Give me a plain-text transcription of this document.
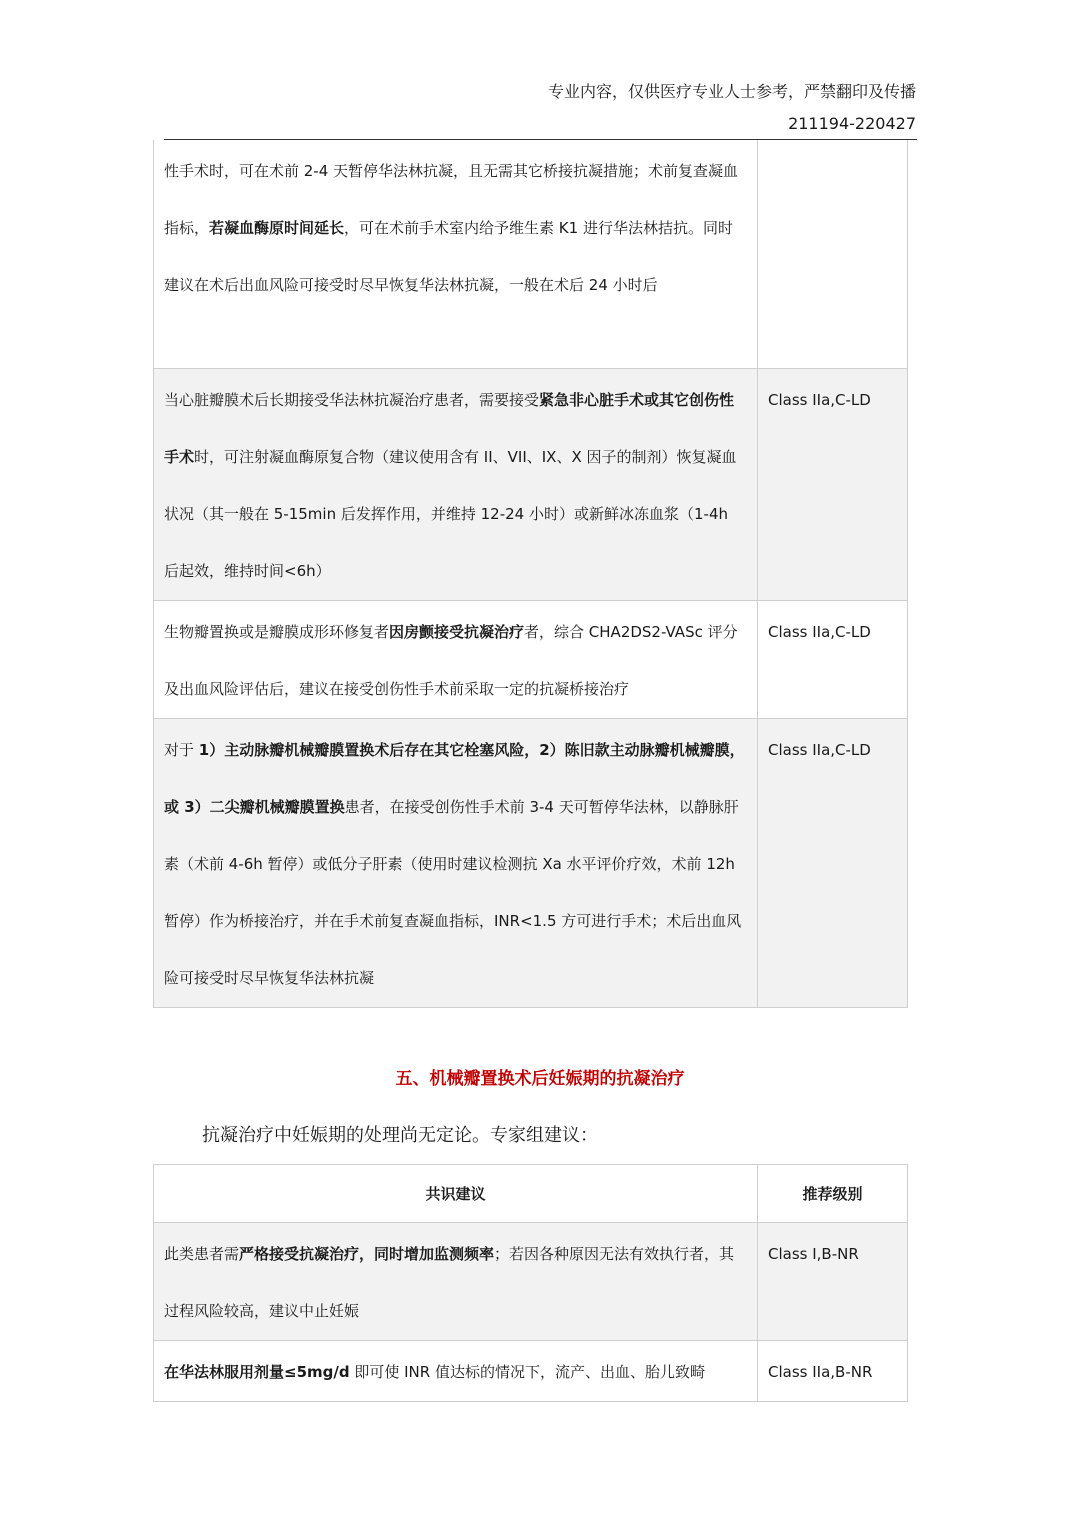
专业内容，仅供医疗专业人士参考，严禁翻印及传播
211194-220427
性手术时，可在术前 2-4 天暂停华法林抗凝，且无需其它桥接抗凝措施；术前复查凝血指标，若凝血酶原时间延长，可在术前手术室内给予维生素 K1 进行华法林拮抗。同时建议在术后出血风险可接受时尽早恢复华法林抗凝，一般在术后 24 小时后	

当心脏瓣膜术后长期接受华法林抗凝治疗患者，需要接受紧急非心脏手术或其它创伤性手术时，可注射凝血酶原复合物（建议使用含有 II、VII、IX、X 因子的制剂）恢复凝血状况（其一般在 5-15min 后发挥作用，并维持 12-24 小时）或新鲜冰冻血浆（1-4h 后起效，维持时间<6h）	Class IIa,C-LD

生物瓣置换或是瓣膜成形环修复者因房颤接受抗凝治疗者，综合 CHA2DS2-VASc 评分及出血风险评估后，建议在接受创伤性手术前采取一定的抗凝桥接治疗	Class IIa,C-LD

对于 1）主动脉瓣机械瓣膜置换术后存在其它栓塞风险，2）陈旧款主动脉瓣机械瓣膜，或 3）二尖瓣机械瓣膜置换患者，在接受创伤性手术前 3-4 天可暂停华法林，以静脉肝素（术前 4-6h 暂停）或低分子肝素（使用时建议检测抗 Xa 水平评价疗效，术前 12h 暂停）作为桥接治疗，并在手术前复查凝血指标，INR<1.5 方可进行手术；术后出血风险可接受时尽早恢复华法林抗凝	Class IIa,C-LD
五、机械瓣置换术后妊娠期的抗凝治疗
抗凝治疗中妊娠期的处理尚无定论。专家组建议：
共识建议	推荐级别

此类患者需严格接受抗凝治疗，同时增加监测频率；若因各种原因无法有效执行者，其过程风险较高，建议中止妊娠	Class I,B-NR

在华法林服用剂量≤5mg/d 即可使 INR 值达标的情况下，流产、出血、胎儿致畸	Class IIa,B-NR
